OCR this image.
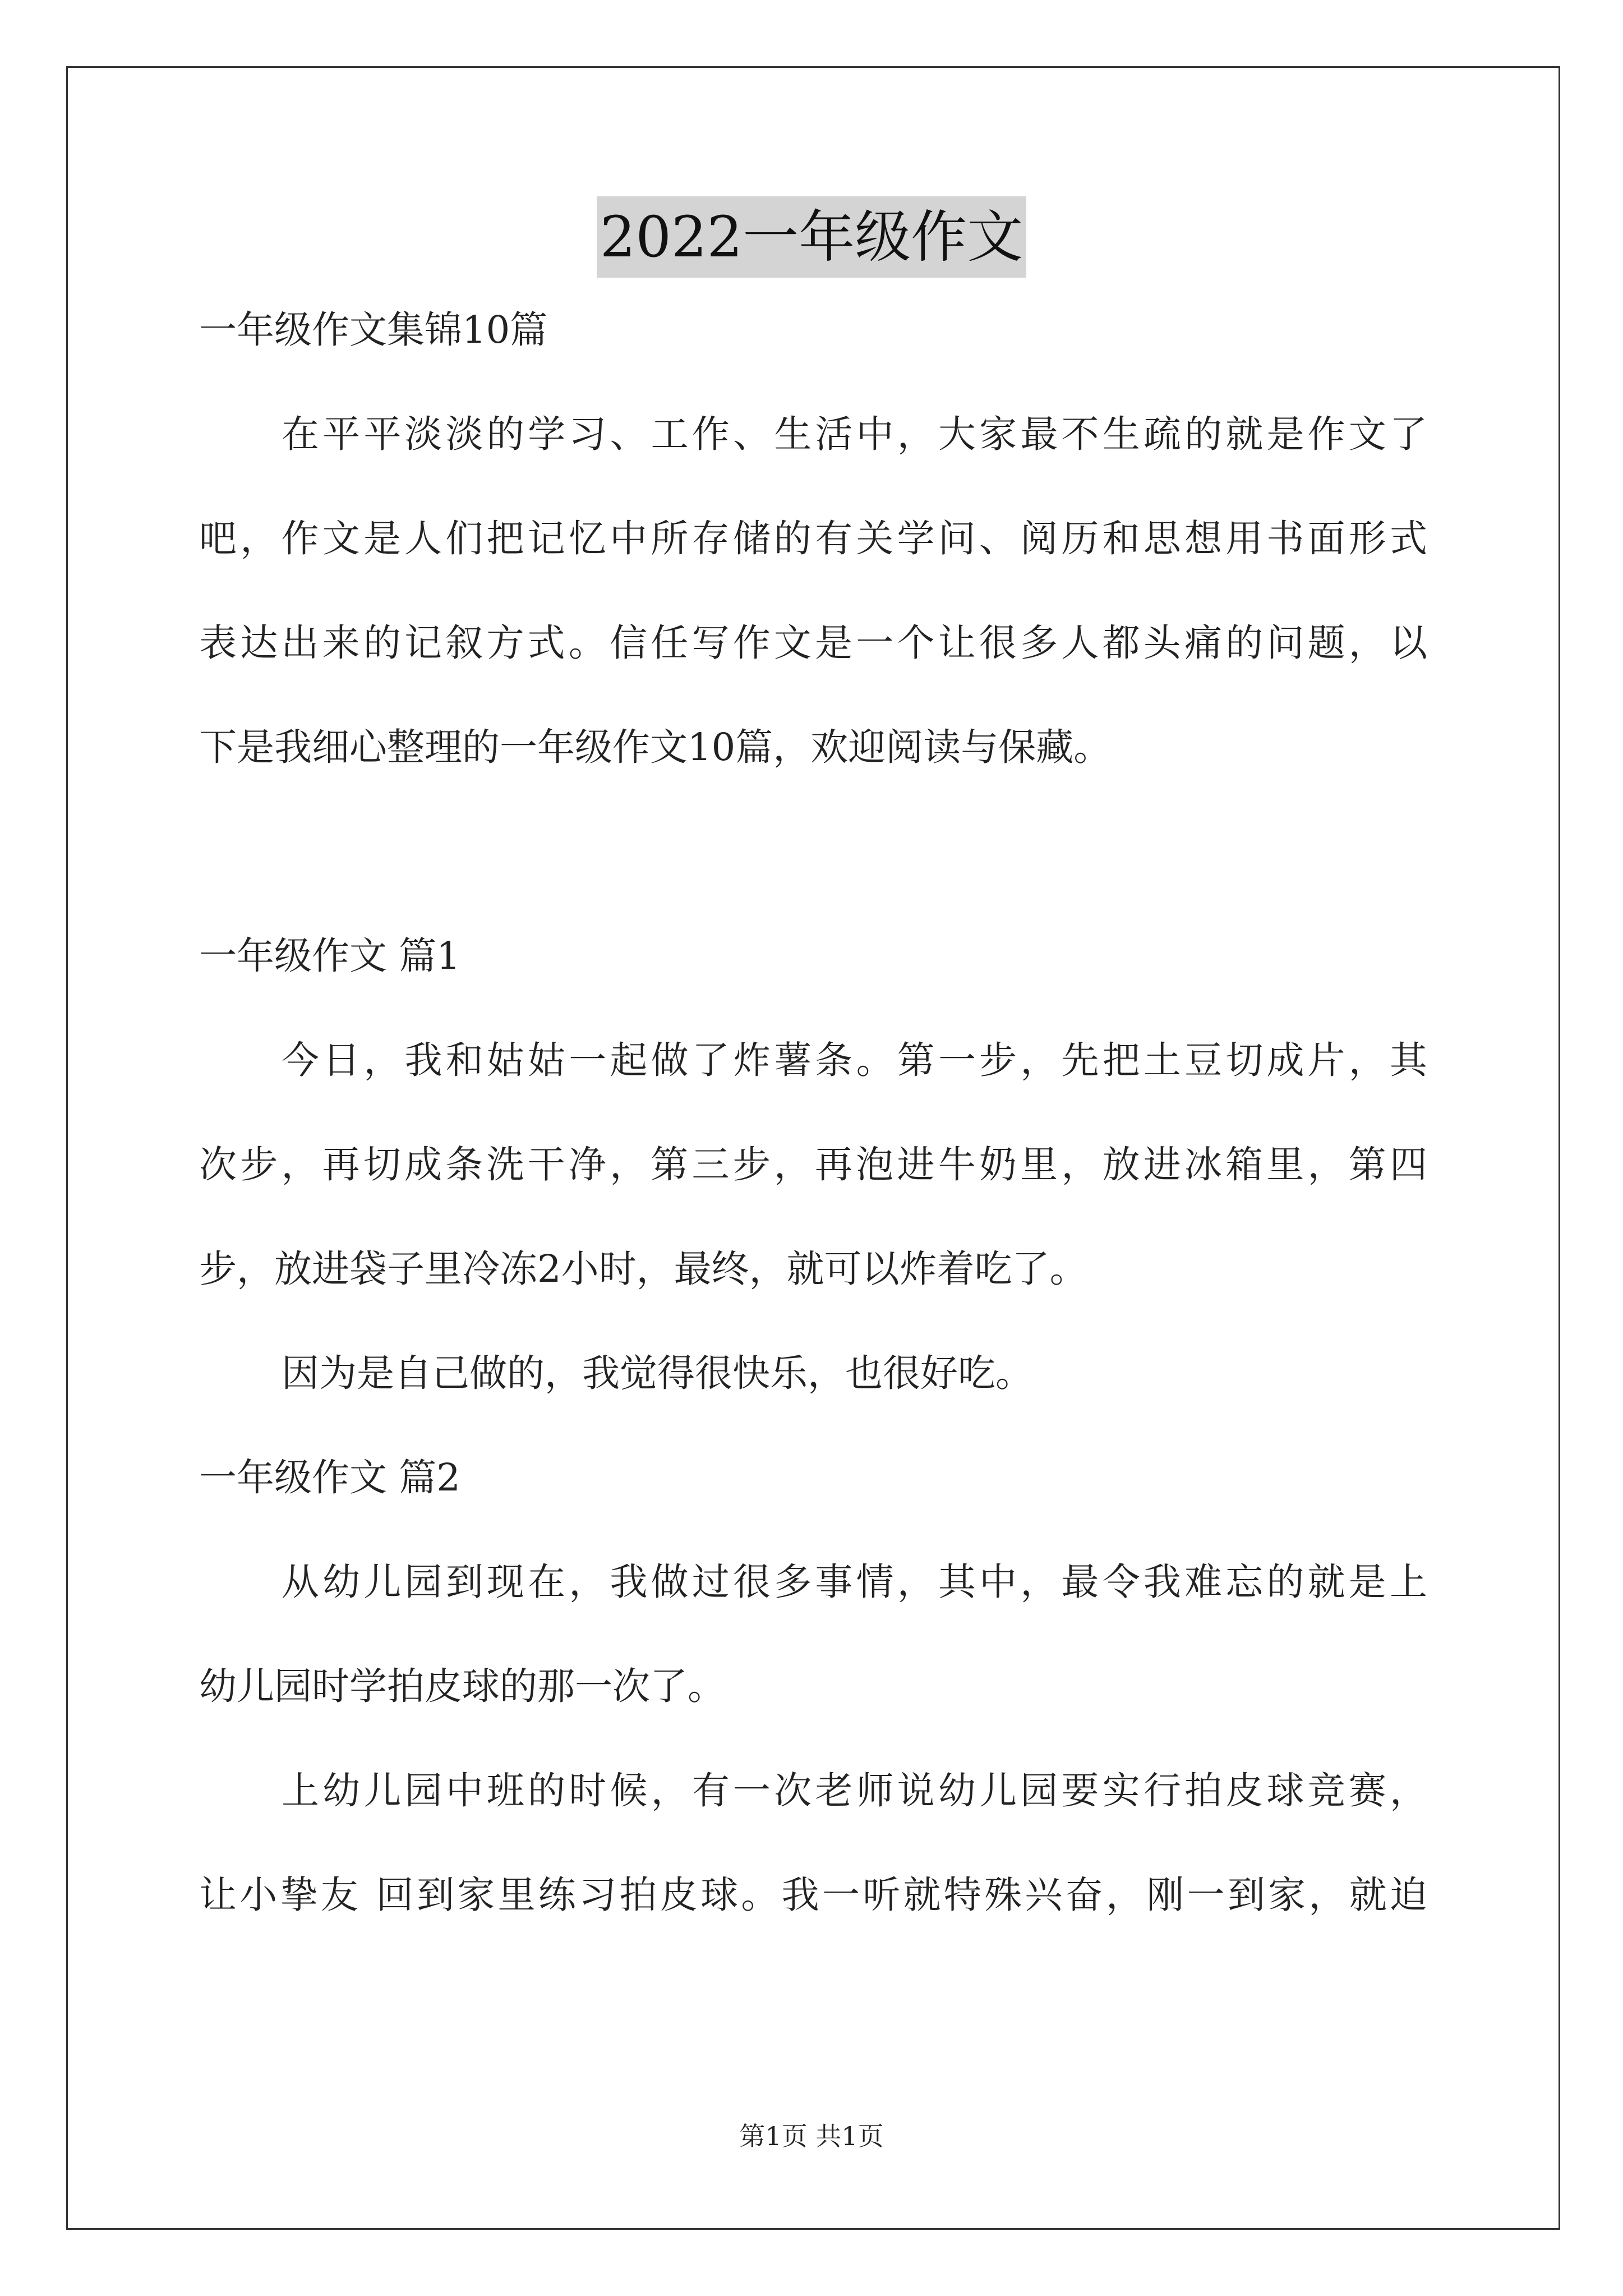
2022一年级作文
一年级作文集锦10篇
在平平淡淡的学习、工作、生活中，大家最不生疏的就是作文了
吧，作文是人们把记忆中所存储的有关学问、阅历和思想用书面形式
表达出来的记叙方式。信任写作文是一个让很多人都头痛的问题，以
下是我细心整理的一年级作文10篇，欢迎阅读与保藏。
一年级作文 篇1
今日，我和姑姑一起做了炸薯条。第一步，先把土豆切成片，其
次步，再切成条洗干净，第三步，再泡进牛奶里，放进冰箱里，第四
步，放进袋子里冷冻2小时，最终，就可以炸着吃了。
因为是自己做的，我觉得很快乐，也很好吃。
一年级作文 篇2
从幼儿园到现在，我做过很多事情，其中，最令我难忘的就是上
幼儿园时学拍皮球的那一次了。
上幼儿园中班的时候，有一次老师说幼儿园要实行拍皮球竞赛，
让小挚友 回到家里练习拍皮球。我一听就特殊兴奋，刚一到家，就迫
第1页 共1页
